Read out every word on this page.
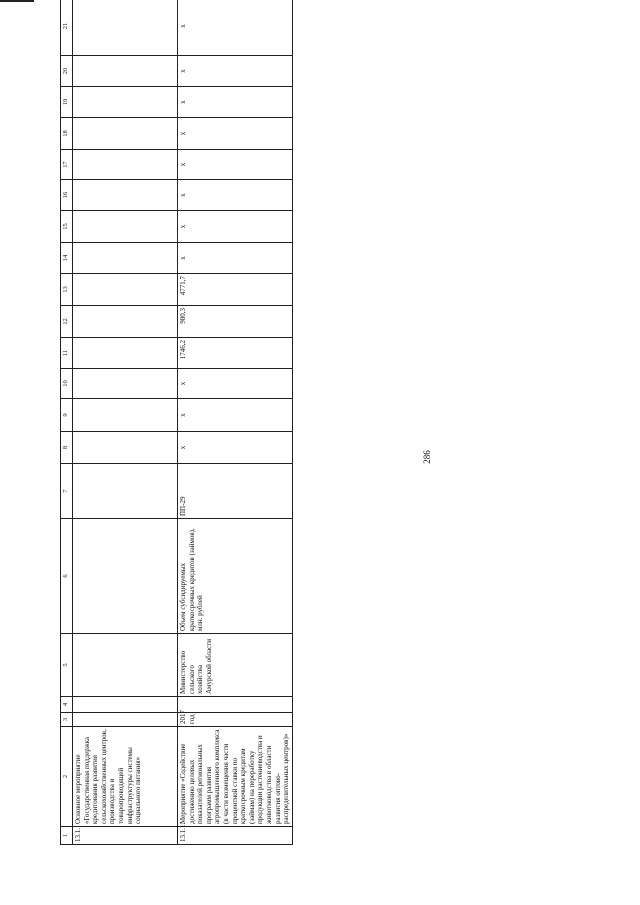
286
1	2	3	4	5	6	7	8	9	10	11	12	13	14	15	16	17	18	19	20	21
13.1.	Основное мероприятие «Государственная поддержка кредитования развития сельскохозяйственных центров, производства и товаропроводящей инфраструктуры системы социального питания»																			
13.1.1.	Мероприятие «Содействие достижению целевых показателей региональных программ развития агропромышленного комплекса (в части возмещения части процентной ставки по краткосрочным кредитам (займам) на переработку продукции растениеводства и животноводства в области развития оптово-распределительных центров)»	2017 год		Министерство сельского хозяйства Амурской области	Объем субсидируемых краткосрочных кредитов (займов), млн. рублей	ПП-29	х	х	х	1746,2	980,3	4771,7	х	х	х	х	х	х	х	х
